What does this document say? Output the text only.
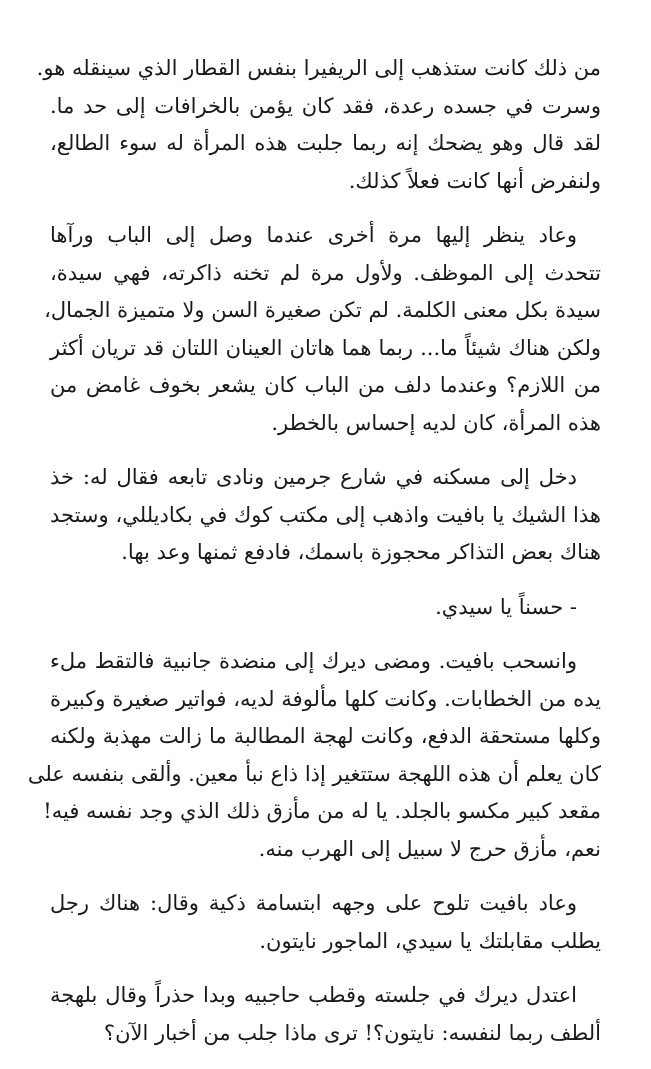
من ذلك كانت ستذهب إلى الريفيرا بنفس القطار الذي سينقله هو.
وسرت في جسده رعدة، فقد كان يؤمن بالخرافات إلى حد ما.
لقد قال وهو يضحك إنه ربما جلبت هذه المرأة له سوء الطالع،
ولنفرض أنها كانت فعلاً كذلك.

وعاد ينظر إليها مرة أخرى عندما وصل إلى الباب ورآها
تتحدث إلى الموظف. ولأول مرة لم تخنه ذاكرته، فهي سيدة،
سيدة بكل معنى الكلمة. لم تكن صغيرة السن ولا متميزة الجمال،
ولكن هناك شيئاً ما... ربما هما هاتان العينان اللتان قد تريان أكثر
من اللازم؟ وعندما دلف من الباب كان يشعر بخوف غامض من
هذه المرأة، كان لديه إحساس بالخطر.

دخل إلى مسكنه في شارع جرمين ونادى تابعه فقال له: خذ
هذا الشيك يا بافيت واذهب إلى مكتب كوك في بكاديللي، وستجد
هناك بعض التذاكر محجوزة باسمك، فادفع ثمنها وعد بها.

- حسناً يا سيدي.

وانسحب بافيت. ومضى ديرك إلى منضدة جانبية فالتقط ملء
يده من الخطابات. وكانت كلها مألوفة لديه، فواتير صغيرة وكبيرة
وكلها مستحقة الدفع، وكانت لهجة المطالبة ما زالت مهذبة ولكنه
كان يعلم أن هذه اللهجة ستتغير إذا ذاع نبأ معين. وألقى بنفسه على
مقعد كبير مكسو بالجلد. يا له من مأزق ذلك الذي وجد نفسه فيه!
نعم، مأزق حرج لا سبيل إلى الهرب منه.

وعاد بافيت تلوح على وجهه ابتسامة ذكية وقال: هناك رجل
يطلب مقابلتك يا سيدي، الماجور نايتون.

اعتدل ديرك في جلسته وقطب حاجبيه وبدا حذراً وقال بلهجة
ألطف ربما لنفسه: نايتون؟! ترى ماذا جلب من أخبار الآن؟
